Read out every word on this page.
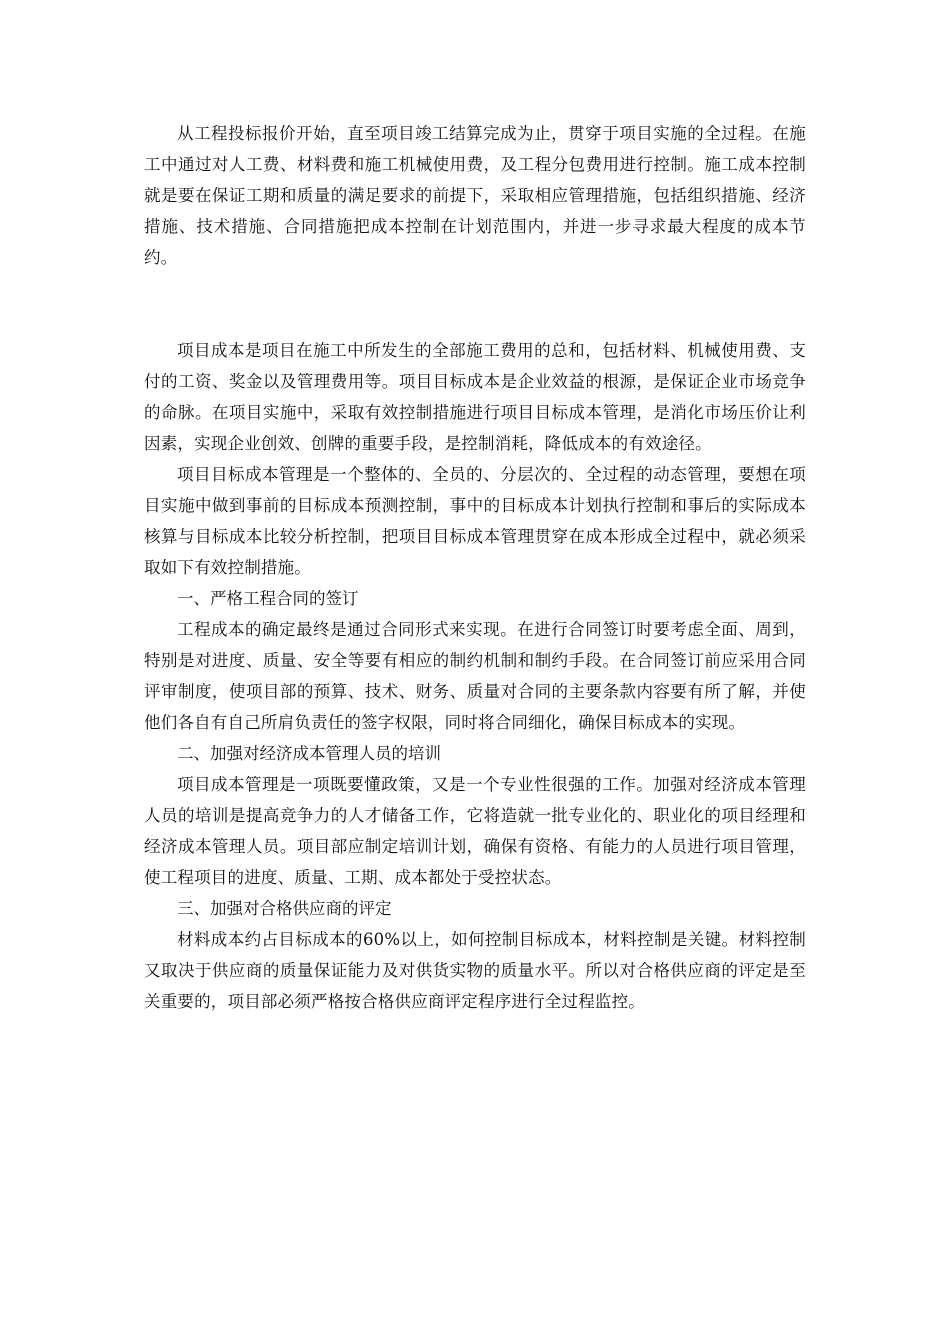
从工程投标报价开始，直至项目竣工结算完成为止，贯穿于项目实施的全过程。在施工中通过对人工费、材料费和施工机械使用费，及工程分包费用进行控制。施工成本控制就是要在保证工期和质量的满足要求的前提下，采取相应管理措施，包括组织措施、经济措施、技术措施、合同措施把成本控制在计划范围内，并进一步寻求最大程度的成本节约。

项目成本是项目在施工中所发生的全部施工费用的总和，包括材料、机械使用费、支付的工资、奖金以及管理费用等。项目目标成本是企业效益的根源，是保证企业市场竞争的命脉。在项目实施中，采取有效控制措施进行项目目标成本管理，是消化市场压价让利因素，实现企业创效、创牌的重要手段，是控制消耗，降低成本的有效途径。

项目目标成本管理是一个整体的、全员的、分层次的、全过程的动态管理，要想在项目实施中做到事前的目标成本预测控制，事中的目标成本计划执行控制和事后的实际成本核算与目标成本比较分析控制，把项目目标成本管理贯穿在成本形成全过程中，就必须采取如下有效控制措施。

一、严格工程合同的签订

工程成本的确定最终是通过合同形式来实现。在进行合同签订时要考虑全面、周到，特别是对进度、质量、安全等要有相应的制约机制和制约手段。在合同签订前应采用合同评审制度，使项目部的预算、技术、财务、质量对合同的主要条款内容要有所了解，并使他们各自有自己所肩负责任的签字权限，同时将合同细化，确保目标成本的实现。

二、加强对经济成本管理人员的培训

项目成本管理是一项既要懂政策，又是一个专业性很强的工作。加强对经济成本管理人员的培训是提高竞争力的人才储备工作，它将造就一批专业化的、职业化的项目经理和经济成本管理人员。项目部应制定培训计划，确保有资格、有能力的人员进行项目管理，使工程项目的进度、质量、工期、成本都处于受控状态。

三、加强对合格供应商的评定

材料成本约占目标成本的60%以上，如何控制目标成本，材料控制是关键。材料控制又取决于供应商的质量保证能力及对供货实物的质量水平。所以对合格供应商的评定是至关重要的，项目部必须严格按合格供应商评定程序进行全过程监控。
